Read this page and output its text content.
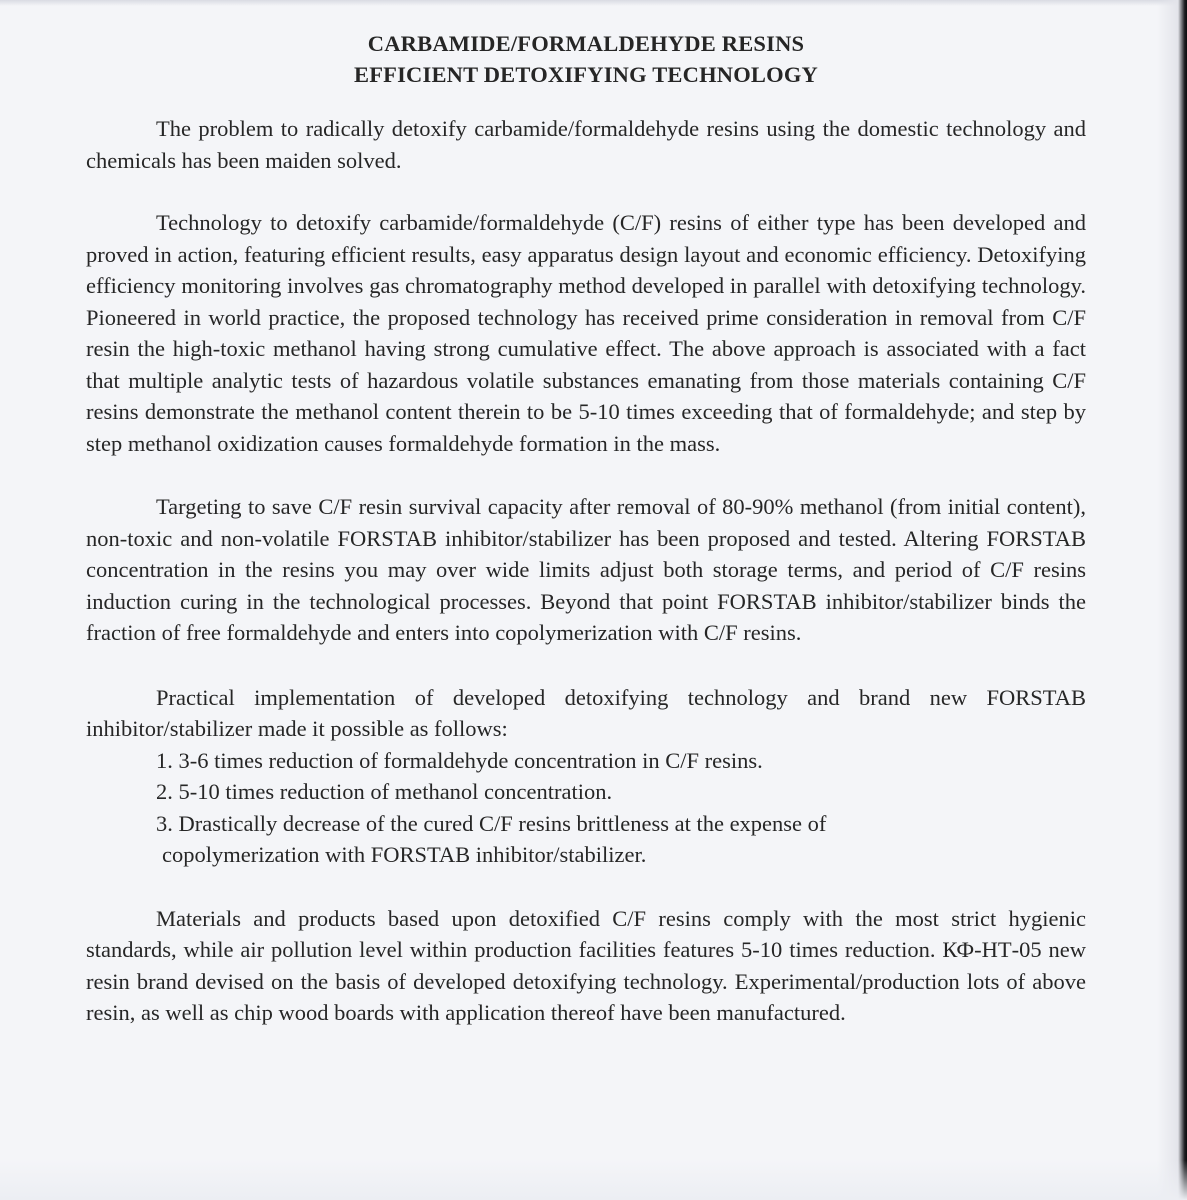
CARBAMIDE/FORMALDEHYDE RESINS
EFFICIENT DETOXIFYING TECHNOLOGY

The problem to radically detoxify carbamide/formaldehyde resins using the domestic technology and chemicals has been maiden solved.

Technology to detoxify carbamide/formaldehyde (C/F) resins of either type has been developed and proved in action, featuring efficient results, easy apparatus design layout and economic efficiency. Detoxifying efficiency monitoring involves gas chromatography method developed in parallel with detoxifying technology. Pioneered in world practice, the proposed technology has received prime consideration in removal from C/F resin the high-toxic methanol having strong cumulative effect. The above approach is associated with a fact that multiple analytic tests of hazardous volatile substances emanating from those materials containing C/F resins demonstrate the methanol content therein to be 5-10 times exceeding that of formaldehyde; and step by step methanol oxidization causes formaldehyde formation in the mass.

Targeting to save C/F resin survival capacity after removal of 80-90% methanol (from initial content), non-toxic and non-volatile FORSTAB inhibitor/stabilizer has been proposed and tested. Altering FORSTAB concentration in the resins you may over wide limits adjust both storage terms, and period of C/F resins induction curing in the technological processes. Beyond that point FORSTAB inhibitor/stabilizer binds the fraction of free formaldehyde and enters into copolymerization with C/F resins.

Practical implementation of developed detoxifying technology and brand new FORSTAB inhibitor/stabilizer made it possible as follows:

1. 3-6 times reduction of formaldehyde concentration in C/F resins.
2. 5-10 times reduction of methanol concentration.
3. Drastically decrease of the cured C/F resins brittleness at the expense of
copolymerization with FORSTAB inhibitor/stabilizer.

Materials and products based upon detoxified C/F resins comply with the most strict hygienic standards, while air pollution level within production facilities features 5-10 times reduction. КФ-НТ-05 new resin brand devised on the basis of developed detoxifying technology. Experimental/production lots of above resin, as well as chip wood boards with application thereof have been manufactured.
